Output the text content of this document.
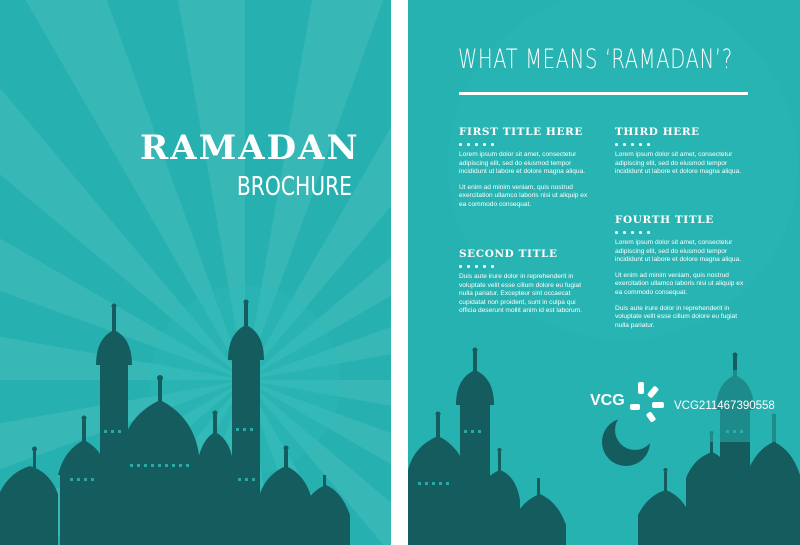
RAMADAN
BROCHURE
WHAT MEANS ‘RAMADAN’?
FIRST TITLE HERE

Lorem ipsum dolor sit amet, consectetur adipiscing elit, sed do eiusmod tempor incididunt ut labore et dolore magna aliqua.

Ut enim ad minim veniam, quis nostrud exercitation ullamco laboris nisi ut aliquip ex ea commodo consequat.

SECOND TITLE

Duis aute irure dolor in reprehenderit in voluptate velit esse cillum dolore eu fugiat nulla pariatur. Excepteur sint occaecat cupidatat non proident, sunt in culpa qui officia deserunt mollit anim id est laborum.

THIRD HERE

Lorem ipsum dolor sit amet, consectetur adipiscing elit, sed do eiusmod tempor incididunt ut labore et dolore magna aliqua.

FOURTH TITLE

Lorem ipsum dolor sit amet, consectetur adipiscing elit, sed do eiusmod tempor incididunt ut labore et dolore magna aliqua.

Ut enim ad minim veniam, quis nostrud exercitation ullamco laboris nisi ut aliquip ex ea commodo consequat.

Duis aute irure dolor in reprehenderit in voluptate velit esse cillum dolore eu fugiat nulla pariatur.

VCG	VCG211467390558
